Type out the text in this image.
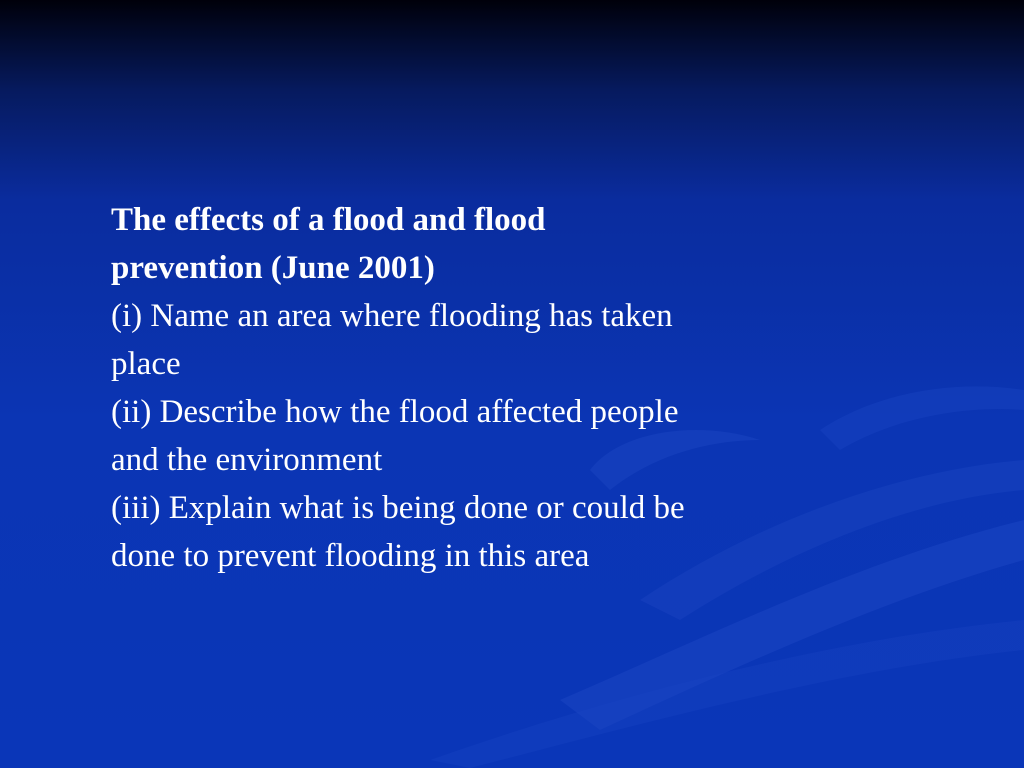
The effects of a flood and flood
prevention (June 2001)
(i) Name an area where flooding has taken
place
(ii) Describe how the flood affected people
and the environment
(iii) Explain what is being done or could be
done to prevent flooding in this area
